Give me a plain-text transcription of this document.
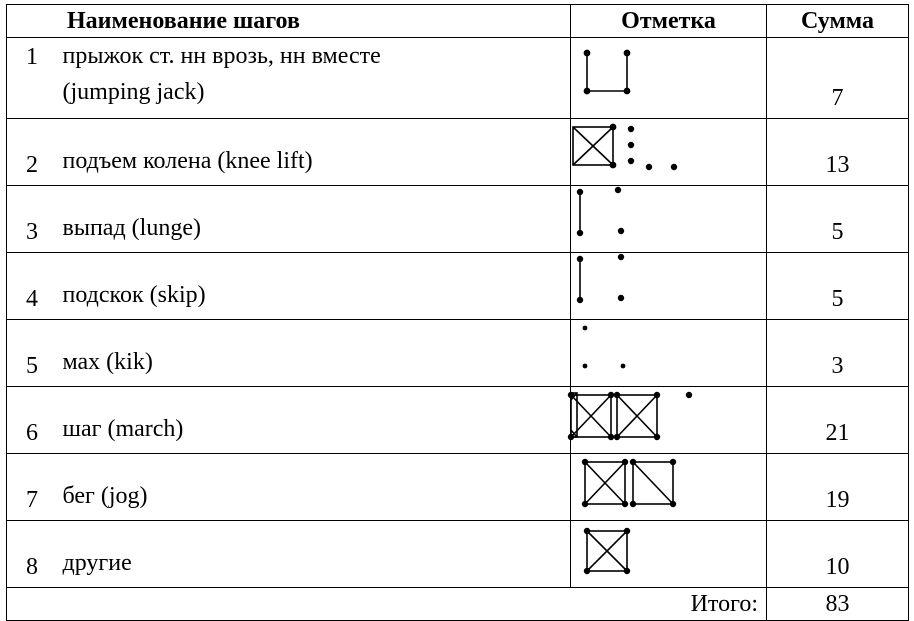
Наименование шагов		Отметка	Сумма
1	прыжок ст. нн врозь, нн вместе
(jumping jack)		7
2	подъем колена (knee lift)		13
3	выпад (lunge)		5
4	подскок (skip)		5
5	мах (kik)		3
6	шаг (march)		21
7	бег (jog)		19
8	другие		10
Итого:			83
